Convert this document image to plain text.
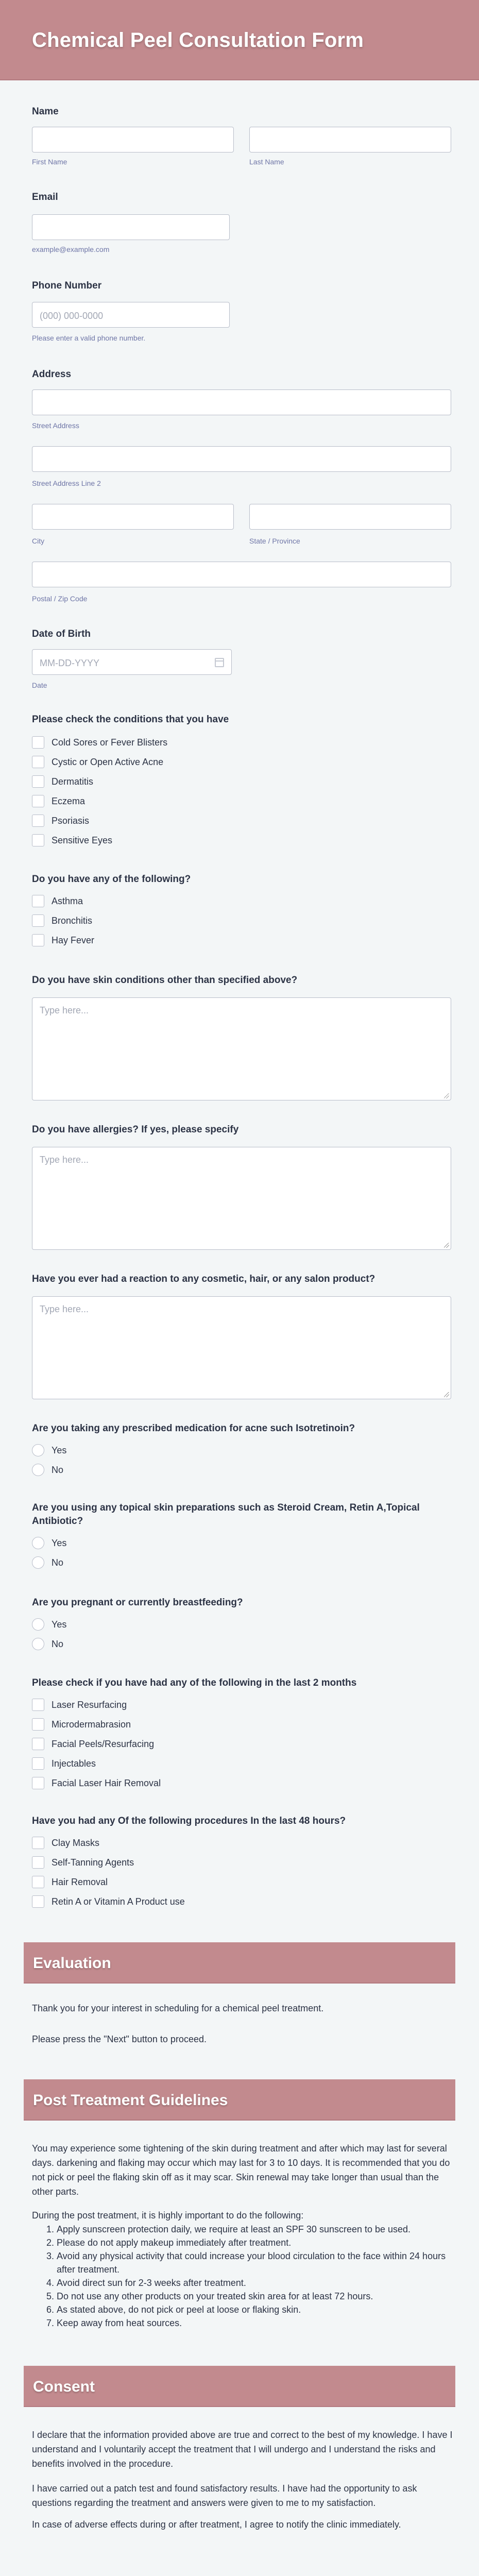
Chemical Peel Consultation Form
Name
First Name	Last Name
Email
example@example.com
Phone Number
(000) 000-0000
Please enter a valid phone number.
Address
Street Address
Street Address Line 2
City	State / Province
Postal / Zip Code
Date of Birth
MM-DD-YYYY
Date
Please check the conditions that you have
Cold Sores or Fever Blisters
Cystic or Open Active Acne
Dermatitis
Eczema
Psoriasis
Sensitive Eyes
Do you have any of the following?
Asthma
Bronchitis
Hay Fever
Do you have skin conditions other than specified above?
Type here...
Do you have allergies? If yes, please specify
Type here...
Have you ever had a reaction to any cosmetic, hair, or any salon product?
Type here...
Are you taking any prescribed medication for acne such Isotretinoin?
Yes
No
Are you using any topical skin preparations such as Steroid Cream, Retin A,Topical
Antibiotic?
Yes
No
Are you pregnant or currently breastfeeding?
Yes
No
Please check if you have had any of the following in the last 2 months
Laser Resurfacing
Microdermabrasion
Facial Peels/Resurfacing
Injectables
Facial Laser Hair Removal
Have you had any Of the following procedures In the last 48 hours?
Clay Masks
Self-Tanning Agents
Hair Removal
Retin A or Vitamin A Product use
Evaluation
Thank you for your interest in scheduling for a chemical peel treatment.
Please press the "Next" button to proceed.
Post Treatment Guidelines
You may experience some tightening of the skin during treatment and after which may last for several days. darkening and flaking may occur which may last for 3 to 10 days. It is recommended that you do not pick or peel the flaking skin off as it may scar. Skin renewal may take longer than usual than the other parts.
During the post treatment, it is highly important to do the following:
1. Apply sunscreen protection daily, we require at least an SPF 30 sunscreen to be used.
2. Please do not apply makeup immediately after treatment.
3. Avoid any physical activity that could increase your blood circulation to the face within 24 hours after treatment.
4. Avoid direct sun for 2-3 weeks after treatment.
5. Do not use any other products on your treated skin area for at least 72 hours.
6. As stated above, do not pick or peel at loose or flaking skin.
7. Keep away from heat sources.
Consent
I declare that the information provided above are true and correct to the best of my knowledge. I have I understand and I voluntarily accept the treatment that I will undergo and I understand the risks and benefits involved in the procedure.
I have carried out a patch test and found satisfactory results. I have had the opportunity to ask questions regarding the treatment and answers were given to me to my satisfaction.
In case of adverse effects during or after treatment, I agree to notify the clinic immediately.
